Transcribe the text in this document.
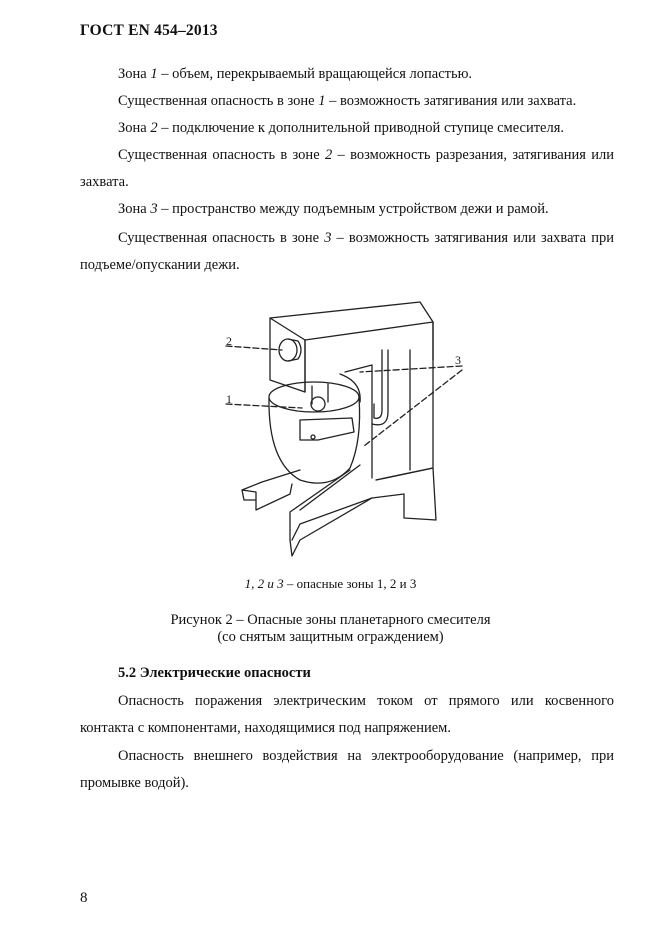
ГОСТ EN 454–2013

Зона 1 – объем, перекрываемый вращающейся лопастью.

Существенная опасность в зоне 1 – возможность затягивания или захвата.

Зона 2 – подключение к дополнительной приводной ступице смесителя.

Существенная опасность в зоне 2 – возможность разрезания, затягивания или захвата.

Зона 3 – пространство между подъемным устройством дежи и рамой.

Существенная опасность в зоне 3 – возможность затягивания или захвата при подъеме/опускании дежи.

2
1
3
1, 2 и 3 – опасные зоны 1, 2 и 3
Рисунок 2 – Опасные зоны планетарного смесителя
(со снятым защитным ограждением)
5.2 Электрические опасности

Опасность поражения электрическим током от прямого или косвенного контакта с компонентами, находящимися под напряжением.

Опасность внешнего воздействия на электрооборудование (например, при промывке водой).

8
